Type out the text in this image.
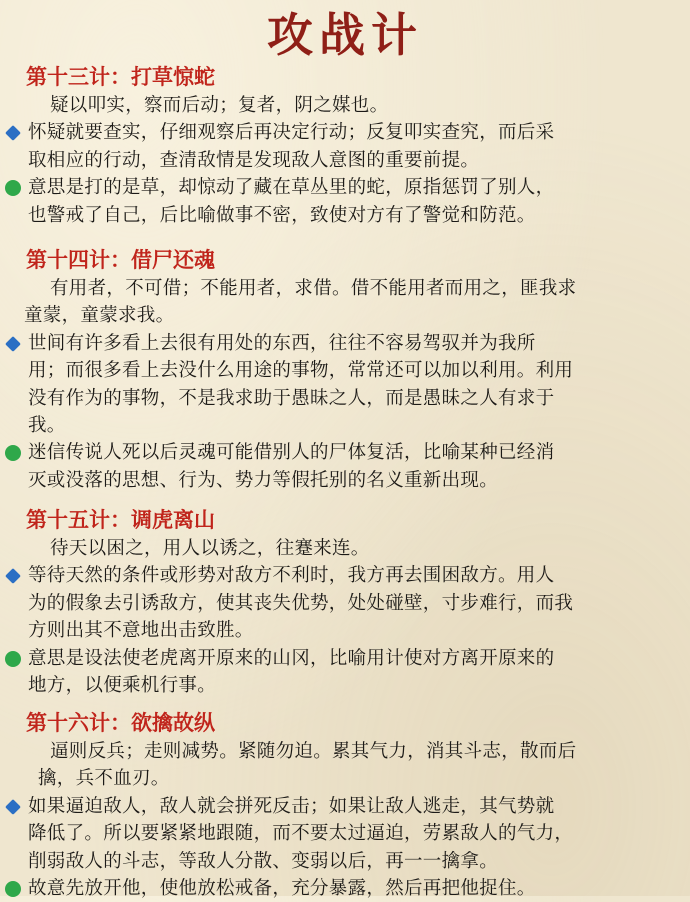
攻战计
第十三计：打草惊蛇
疑以叩实，察而后动；复者，阴之媒也。
怀疑就要查实，仔细观察后再决定行动；反复叩实查究，而后采
取相应的行动，查清敌情是发现敌人意图的重要前提。
意思是打的是草，却惊动了藏在草丛里的蛇，原指惩罚了别人，
也警戒了自己，后比喻做事不密，致使对方有了警觉和防范。
第十四计：借尸还魂
有用者，不可借；不能用者，求借。借不能用者而用之，匪我求
童蒙，童蒙求我。
世间有许多看上去很有用处的东西，往往不容易驾驭并为我所
用；而很多看上去没什么用途的事物，常常还可以加以利用。利用
没有作为的事物，不是我求助于愚昧之人，而是愚昧之人有求于
我。
迷信传说人死以后灵魂可能借别人的尸体复活，比喻某种已经消
灭或没落的思想、行为、势力等假托别的名义重新出现。
第十五计：调虎离山
待天以困之，用人以诱之，往蹇来连。
等待天然的条件或形势对敌方不利时，我方再去围困敌方。用人
为的假象去引诱敌方，使其丧失优势，处处碰壁，寸步难行，而我
方则出其不意地出击致胜。
意思是设法使老虎离开原来的山冈，比喻用计使对方离开原来的
地方，以便乘机行事。
第十六计：欲擒故纵
逼则反兵；走则减势。紧随勿迫。累其气力，消其斗志，散而后
擒，兵不血刃。
如果逼迫敌人，敌人就会拼死反击；如果让敌人逃走，其气势就
降低了。所以要紧紧地跟随，而不要太过逼迫，劳累敌人的气力，
削弱敌人的斗志，等敌人分散、变弱以后，再一一擒拿。
故意先放开他，使他放松戒备，充分暴露，然后再把他捉住。
